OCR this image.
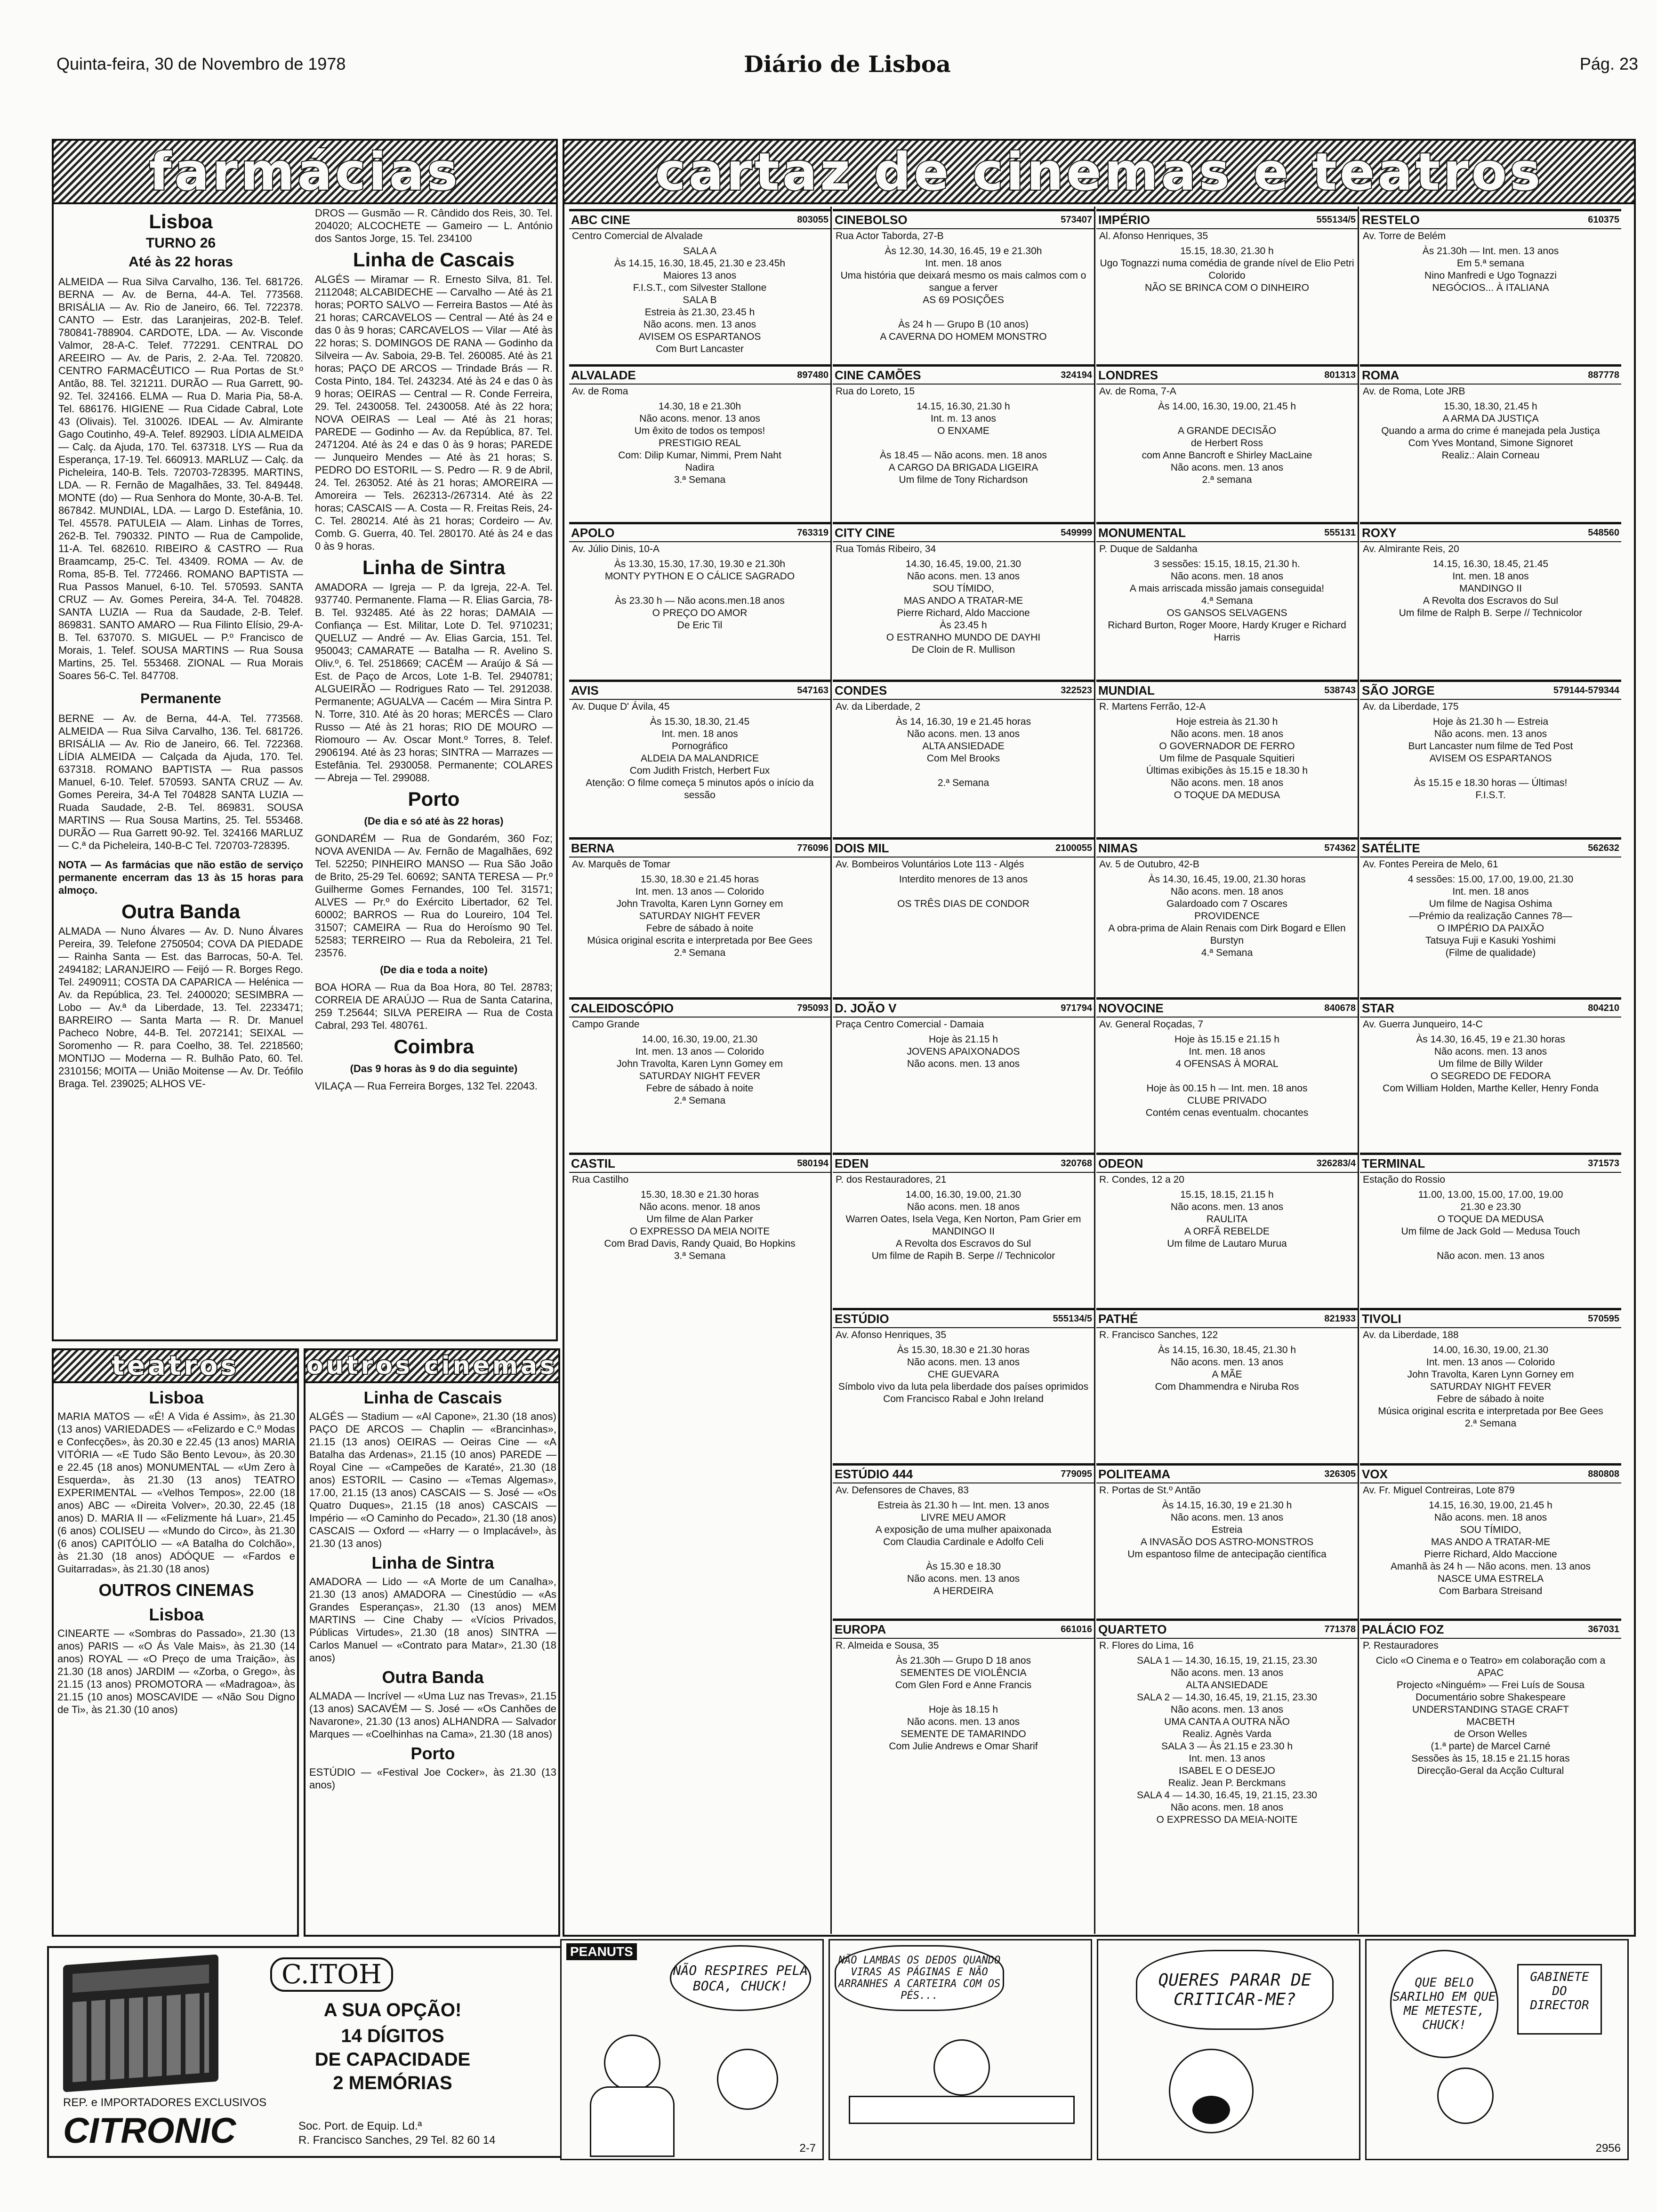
Quinta-feira, 30 de Novembro de 1978	Diário de Lisboa	Pág. 23
farmácias
Lisboa
TURNO 26
Até às 22 horas

ALMEIDA — Rua Silva Carvalho, 136. Tel. 681726. BERNA — Av. de Berna, 44-A. Tel. 773568. BRISÁLIA — Av. Rio de Janeiro, 66. Tel. 722378. CANTO — Estr. das Laranjeiras, 202-B. Telef. 780841-788904. CARDOTE, LDA. — Av. Visconde Valmor, 28-A-C. Telef. 772291. CENTRAL DO AREEIRO — Av. de Paris, 2. 2-Aa. Tel. 720820. CENTRO FARMACÊUTICO — Rua Portas de St.º Antão, 88. Tel. 321211. DURÃO — Rua Garrett, 90-92. Tel. 324166. ELMA — Rua D. Maria Pia, 58-A. Tel. 686176. HIGIENE — Rua Cidade Cabral, Lote 43 (Olivais). Tel. 310026. IDEAL — Av. Almirante Gago Coutinho, 49-A. Telef. 892903. LÍDIA ALMEIDA — Calç. da Ajuda, 170. Tel. 637318. LYS — Rua da Esperança, 17-19. Tel. 660913. MARLUZ — Calç. da Picheleira, 140-B. Tels. 720703-728395. MARTINS, LDA. — R. Fernão de Magalhães, 33. Tel. 849448. MONTE (do) — Rua Senhora do Monte, 30-A-B. Tel. 867842. MUNDIAL, LDA. — Largo D. Estefânia, 10. Tel. 45578. PATULEIA — Alam. Linhas de Torres, 262-B. Tel. 790332. PINTO — Rua de Campolide, 11-A. Tel. 682610. RIBEIRO & CASTRO — Rua Braamcamp, 25-C. Tel. 43409. ROMA — Av. de Roma, 85-B. Tel. 772466. ROMANO BAPTISTA — Rua Passos Manuel, 6-10. Tel. 570593. SANTA CRUZ — Av. Gomes Pereira, 34-A. Tel. 704828. SANTA LUZIA — Rua da Saudade, 2-B. Telef. 869831. SANTO AMARO — Rua Filinto Elísio, 29-A-B. Tel. 637070. S. MIGUEL — P.º Francisco de Morais, 1. Telef. SOUSA MARTINS — Rua Sousa Martins, 25. Tel. 553468. ZIONAL — Rua Morais Soares 56-C. Tel. 847708.

Permanente

BERNE — Av. de Berna, 44-A. Tel. 773568. ALMEIDA — Rua Silva Carvalho, 136. Tel. 681726. BRISÁLIA — Av. Rio de Janeiro, 66. Tel. 722368. LÍDIA ALMEIDA — Calçada da Ajuda, 170. Tel. 637318. ROMANO BAPTISTA — Rua passos Manuel, 6-10. Telef. 570593. SANTA CRUZ — Av. Gomes Pereira, 34-A Tel 704828 SANTA LUZIA — Ruada Saudade, 2-B. Tel. 869831. SOUSA MARTINS — Rua Sousa Martins, 25. Tel. 553468. DURÃO — Rua Garrett 90-92. Tel. 324166 MARLUZ — C.ª da Picheleira, 140-B-C Tel. 720703-728395.

NOTA — As farmácias que não estão de serviço permanente encerram das 13 às 15 horas para almoço.

Outra Banda

ALMADA — Nuno Álvares — Av. D. Nuno Álvares Pereira, 39. Telefone 2750504; COVA DA PIEDADE — Rainha Santa — Est. das Barrocas, 50-A. Tel. 2494182; LARANJEIRO — Feijó — R. Borges Rego. Tel. 2490911; COSTA DA CAPARICA — Helénica — Av. da República, 23. Tel. 2400020; SESIMBRA — Lobo — Av.ª da Liberdade, 13. Tel. 2233471; BARREIRO — Santa Marta — R. Dr. Manuel Pacheco Nobre, 44-B. Tel. 2072141; SEIXAL — Soromenho — R. para Coelho, 38. Tel. 2218560; MONTIJO — Moderna — R. Bulhão Pato, 60. Tel. 2310156; MOITA — União Moitense — Av. Dr. Teófilo Braga. Tel. 239025; ALHOS VE-

DROS — Gusmão — R. Cândido dos Reis, 30. Tel. 204020; ALCOCHETE — Gameiro — L. António dos Santos Jorge, 15. Tel. 234100

Linha de Cascais

ALGÉS — Miramar — R. Ernesto Silva, 81. Tel. 2112048; ALCABIDECHE — Carvalho — Até às 21 horas; PORTO SALVO — Ferreira Bastos — Até às 21 horas; CARCAVELOS — Central — Até às 24 e das 0 às 9 horas; CARCAVELOS — Vilar — Até às 22 horas; S. DOMINGOS DE RANA — Godinho da Silveira — Av. Saboia, 29-B. Tel. 260085. Até às 21 horas; PAÇO DE ARCOS — Trindade Brás — R. Costa Pinto, 184. Tel. 243234. Até às 24 e das 0 às 9 horas; OEIRAS — Central — R. Conde Ferreira, 29. Tel. 2430058. Tel. 2430058. Até às 22 hora; NOVA OEIRAS — Leal — Até às 21 horas; PAREDE — Godinho — Av. da República, 87. Tel. 2471204. Até às 24 e das 0 às 9 horas; PAREDE — Junqueiro Mendes — Até às 21 horas; S. PEDRO DO ESTORIL — S. Pedro — R. 9 de Abril, 24. Tel. 263052. Até às 21 horas; AMOREIRA — Amoreira — Tels. 262313-/267314. Até às 22 horas; CASCAIS — A. Costa — R. Freitas Reis, 24-C. Tel. 280214. Até às 21 horas; Cordeiro — Av. Comb. G. Guerra, 40. Tel. 280170. Até às 24 e das 0 às 9 horas.

Linha de Sintra

AMADORA — Igreja — P. da Igreja, 22-A. Tel. 937740. Permanente. Flama — R. Elias Garcia, 78-B. Tel. 932485. Até às 22 horas; DAMAIA — Confiança — Est. Militar, Lote D. Tel. 9710231; QUELUZ — André — Av. Elias Garcia, 151. Tel. 950043; CAMARATE — Batalha — R. Avelino S. Oliv.º, 6. Tel. 2518669; CACÉM — Araújo & Sá — Est. de Paço de Arcos, Lote 1-B. Tel. 2940781; ALGUEIRÃO — Rodrigues Rato — Tel. 2912038. Permanente; AGUALVA — Cacém — Mira Sintra P. N. Torre, 310. Até às 20 horas; MERCÊS — Claro Russo — Até às 21 horas; RIO DE MOURO — Riomouro — Av. Oscar Mont.º Torres, 8. Telef. 2906194. Até às 23 horas; SINTRA — Marrazes — Estefânia. Tel. 2930058. Permanente; COLARES — Abreja — Tel. 299088.

Porto
(De dia e só até às 22 horas)

GONDARÉM — Rua de Gondarém, 360 Foz; NOVA AVENIDA — Av. Fernão de Magalhães, 692 Tel. 52250; PINHEIRO MANSO — Rua São João de Brito, 25-29 Tel. 60692; SANTA TERESA — Pr.º Guilherme Gomes Fernandes, 100 Tel. 31571; ALVES — Pr.º do Exército Libertador, 62 Tel. 60002; BARROS — Rua do Loureiro, 104 Tel. 31507; CAMEIRA — Rua do Heroísmo 90 Tel. 52583; TERREIRO — Rua da Reboleira, 21 Tel. 23576.

(De dia e toda a noite)

BOA HORA — Rua da Boa Hora, 80 Tel. 28783; CORREIA DE ARAÚJO — Rua de Santa Catarina, 259 T.25644; SILVA PEREIRA — Rua de Costa Cabral, 293 Tel. 480761.

Coimbra
(Das 9 horas às 9 do dia seguinte)

VILAÇA — Rua Ferreira Borges, 132 Tel. 22043.

cartaz de cinemas e teatros
ABC CINE	803055
Centro Comercial de Alvalade
SALA A
Às 14.15, 16.30, 18.45, 21.30 e 23.45h
Maiores 13 anos
F.I.S.T., com Silvester Stallone
SALA B
Estreia às 21.30, 23.45 h
Não acons. men. 13 anos
AVISEM OS ESPARTANOS
Com Burt Lancaster
ALVALADE	897480
Av. de Roma
14.30, 18 e 21.30h
Não acons. menor. 13 anos
Um êxito de todos os tempos!
PRESTIGIO REAL
Com: Dilip Kumar, Nimmi, Prem Naht
Nadira
3.ª Semana
APOLO	763319
Av. Júlio Dinis, 10-A
Às 13.30, 15.30, 17.30, 19.30 e 21.30h
MONTY PYTHON E O CÁLICE SAGRADO

Às 23.30 h — Não acons.men.18 anos
O PREÇO DO AMOR
De Eric Til
AVIS	547163
Av. Duque D' Ávila, 45
Às 15.30, 18.30, 21.45
Int. men. 18 anos
Pornográfico
ALDEIA DA MALANDRICE
Com Judith Fristch, Herbert Fux
Atenção: O filme começa 5 minutos após o início da sessão
BERNA	776096
Av. Marquês de Tomar
15.30, 18.30 e 21.45 horas
Int. men. 13 anos — Colorido
John Travolta, Karen Lynn Gorney em
SATURDAY NIGHT FEVER
Febre de sábado à noite
Música original escrita e interpretada por Bee Gees
2.ª Semana
CALEIDOSCÓPIO	795093
Campo Grande
14.00, 16.30, 19.00, 21.30
Int. men. 13 anos — Colorido
John Travolta, Karen Lynn Gomey em
SATURDAY NIGHT FEVER
Febre de sábado à noite
2.ª Semana
CASTIL	580194
Rua Castilho
15.30, 18.30 e 21.30 horas
Não acons. menor. 18 anos
Um filme de Alan Parker
O EXPRESSO DA MEIA NOITE
Com Brad Davis, Randy Quaid, Bo Hopkins
3.ª Semana
CINEBOLSO	573407
Rua Actor Taborda, 27-B
Às 12.30, 14.30, 16.45, 19 e 21.30h
Int. men. 18 anos
Uma história que deixará mesmo os mais calmos com o sangue a ferver
AS 69 POSIÇÕES

Às 24 h — Grupo B (10 anos)
A CAVERNA DO HOMEM MONSTRO
CINE CAMÕES	324194
Rua do Loreto, 15
14.15, 16.30, 21.30 h
Int. m. 13 anos
O ENXAME

Às 18.45 — Não acons. men. 18 anos
A CARGO DA BRIGADA LIGEIRA
Um filme de Tony Richardson
CITY CINE	549999
Rua Tomás Ribeiro, 34
14.30, 16.45, 19.00, 21.30
Não acons. men. 13 anos
SOU TÍMIDO,
MAS ANDO A TRATAR-ME
Pierre Richard, Aldo Maccione
Às 23.45 h
O ESTRANHO MUNDO DE DAYHI
De Cloin de R. Mullison
CONDES	322523
Av. da Liberdade, 2
Às 14, 16.30, 19 e 21.45 horas
Não acons. men. 13 anos
ALTA ANSIEDADE
Com Mel Brooks

2.ª Semana
DOIS MIL	2100055
Av. Bombeiros Voluntários Lote 113 - Algés
Interdito menores de 13 anos

OS TRÊS DIAS DE CONDOR
D. JOÃO V	971794
Praça Centro Comercial - Damaia
Hoje às 21.15 h
JOVENS APAIXONADOS
Não acons. men. 13 anos
EDEN	320768
P. dos Restauradores, 21
14.00, 16.30, 19.00, 21.30
Não acons. men. 18 anos
Warren Oates, Isela Vega, Ken Norton, Pam Grier em
MANDINGO II
A Revolta dos Escravos do Sul
Um filme de Rapih B. Serpe // Technicolor
ESTÚDIO	555134/5
Av. Afonso Henriques, 35
Às 15.30, 18.30 e 21.30 horas
Não acons. men. 13 anos
CHE GUEVARA
Símbolo vivo da luta pela liberdade dos países oprimidos
Com Francisco Rabal e John Ireland
ESTÚDIO 444	779095
Av. Defensores de Chaves, 83
Estreia às 21.30 h — Int. men. 13 anos
LIVRE MEU AMOR
A exposição de uma mulher apaixonada
Com Claudia Cardinale e Adolfo Celi

Às 15.30 e 18.30
Não acons. men. 13 anos
A HERDEIRA
EUROPA	661016
R. Almeida e Sousa, 35
Às 21.30h — Grupo D 18 anos
SEMENTES DE VIOLÊNCIA
Com Glen Ford e Anne Francis

Hoje às 18.15 h
Não acons. men. 13 anos
SEMENTE DE TAMARINDO
Com Julie Andrews e Omar Sharif
IMPÉRIO	555134/5
Al. Afonso Henriques, 35
15.15, 18.30, 21.30 h
Ugo Tognazzi numa comédia de grande nível de Elio Petri
Colorido
NÃO SE BRINCA COM O DINHEIRO
LONDRES	801313
Av. de Roma, 7-A
Às 14.00, 16.30, 19.00, 21.45 h

A GRANDE DECISÃO
de Herbert Ross
com Anne Bancroft e Shirley MacLaine
Não acons. men. 13 anos
2.ª semana
MONUMENTAL	555131
P. Duque de Saldanha
3 sessões: 15.15, 18.15, 21.30 h.
Não acons. men. 18 anos
A mais arriscada missão jamais conseguida!
4.ª Semana
OS GANSOS SELVAGENS
Richard Burton, Roger Moore, Hardy Kruger e Richard Harris
MUNDIAL	538743
R. Martens Ferrão, 12-A
Hoje estreia às 21.30 h
Não acons. men. 18 anos
O GOVERNADOR DE FERRO
Um filme de Pasquale Squitieri
Últimas exibições às 15.15 e 18.30 h
Não acons. men. 18 anos
O TOQUE DA MEDUSA
NIMAS	574362
Av. 5 de Outubro, 42-B
Às 14.30, 16.45, 19.00, 21.30 horas
Não acons. men. 18 anos
Galardoado com 7 Oscares
PROVIDENCE
A obra-prima de Alain Renais com Dirk Bogard e Ellen Burstyn
4.ª Semana
NOVOCINE	840678
Av. General Roçadas, 7
Hoje às 15.15 e 21.15 h
Int. men. 18 anos
4 OFENSAS À MORAL

Hoje às 00.15 h — Int. men. 18 anos
CLUBE PRIVADO
Contém cenas eventualm. chocantes
ODEON	326283/4
R. Condes, 12 a 20
15.15, 18.15, 21.15 h
Não acons. men. 13 anos
RAULITA
A ORFÃ REBELDE
Um filme de Lautaro Murua
PATHÉ	821933
R. Francisco Sanches, 122
Às 14.15, 16.30, 18.45, 21.30 h
Não acons. men. 13 anos
A MÃE
Com Dhammendra e Niruba Ros
POLITEAMA	326305
R. Portas de St.º Antão
Às 14.15, 16.30, 19 e 21.30 h
Não acons. men. 13 anos
Estreia
A INVASÃO DOS ASTRO-MONSTROS
Um espantoso filme de antecipação científica
QUARTETO	771378
R. Flores do Lima, 16
SALA 1 — 14.30, 16.15, 19, 21.15, 23.30
Não acons. men. 13 anos
ALTA ANSIEDADE
SALA 2 — 14.30, 16.45, 19, 21.15, 23.30
Não acons. men. 13 anos
UMA CANTA A OUTRA NÃO
Realiz. Agnès Varda
SALA 3 — Às 21.15 e 23.30 h
Int. men. 13 anos
ISABEL E O DESEJO
Realiz. Jean P. Berckmans
SALA 4 — 14.30, 16.45, 19, 21.15, 23.30
Não acons. men. 18 anos
O EXPRESSO DA MEIA-NOITE
RESTELO	610375
Av. Torre de Belém
Às 21.30h — Int. men. 13 anos
Em 5.ª semana
Nino Manfredi e Ugo Tognazzi
NEGÓCIOS... À ITALIANA
ROMA	887778
Av. de Roma, Lote JRB
15.30, 18.30, 21.45 h
A ARMA DA JUSTIÇA
Quando a arma do crime é manejada pela Justiça
Com Yves Montand, Simone Signoret
Realiz.: Alain Corneau
ROXY	548560
Av. Almirante Reis, 20
14.15, 16.30, 18.45, 21.45
Int. men. 18 anos
MANDINGO II
A Revolta dos Escravos do Sul
Um filme de Ralph B. Serpe // Technicolor
SÃO JORGE	579144-579344
Av. da Liberdade, 175
Hoje às 21.30 h — Estreia
Não acons. men. 13 anos
Burt Lancaster num filme de Ted Post
AVISEM OS ESPARTANOS

Às 15.15 e 18.30 horas — Últimas!
F.I.S.T.
SATÉLITE	562632
Av. Fontes Pereira de Melo, 61
4 sessões: 15.00, 17.00, 19.00, 21.30
Int. men. 18 anos
Um filme de Nagisa Oshima
—Prémio da realização Cannes 78—
O IMPÉRIO DA PAIXÃO
Tatsuya Fuji e Kasuki Yoshimi
(Filme de qualidade)
STAR	804210
Av. Guerra Junqueiro, 14-C
Às 14.30, 16.45, 19 e 21.30 horas
Não acons. men. 13 anos
Um filme de Billy Wilder
O SEGREDO DE FEDORA
Com William Holden, Marthe Keller, Henry Fonda
TERMINAL	371573
Estação do Rossio
11.00, 13.00, 15.00, 17.00, 19.00
21.30 e 23.30
O TOQUE DA MEDUSA
Um filme de Jack Gold — Medusa Touch

Não acon. men. 13 anos
TIVOLI	570595
Av. da Liberdade, 188
14.00, 16.30, 19.00, 21.30
Int. men. 13 anos — Colorido
John Travolta, Karen Lynn Gorney em
SATURDAY NIGHT FEVER
Febre de sábado à noite
Música original escrita e interpretada por Bee Gees
2.ª Semana
VOX	880808
Av. Fr. Miguel Contreiras, Lote 879
14.15, 16.30, 19.00, 21.45 h
Não acons. men. 18 anos
SOU TÍMIDO,
MAS ANDO A TRATAR-ME
Pierre Richard, Aldo Maccione
Amanhã às 24 h — Não acons. men. 13 anos
NASCE UMA ESTRELA
Com Barbara Streisand
PALÁCIO FOZ	367031
P. Restauradores
Ciclo «O Cinema e o Teatro» em colaboração com a APAC
Projecto «Ninguém» — Frei Luís de Sousa
Documentário sobre Shakespeare
UNDERSTANDING STAGE CRAFT
MACBETH
de Orson Welles
(1.ª parte) de Marcel Carné
Sessões às 15, 18.15 e 21.15 horas
Direcção-Geral da Acção Cultural
teatros
Lisboa

MARIA MATOS — «É! A Vida é Assim», às 21.30 (13 anos) VARIEDADES — «Felizardo e C.º Modas e Confecções», às 20.30 e 22.45 (13 anos) MARIA VITÓRIA — «E Tudo São Bento Levou», às 20.30 e 22.45 (18 anos) MONUMENTAL — «Um Zero à Esquerda», às 21.30 (13 anos) TEATRO EXPERIMENTAL — «Velhos Tempos», 22.00 (18 anos) ABC — «Direita Volver», 20.30, 22.45 (18 anos) D. MARIA II — «Felizmente há Luar», 21.45 (6 anos) COLISEU — «Mundo do Circo», às 21.30 (6 anos) CAPITÓLIO — «A Batalha do Colchão», às 21.30 (18 anos) ADÓQUE — «Fardos e Guitarradas», às 21.30 (18 anos)

OUTROS CINEMAS
Lisboa

CINEARTE — «Sombras do Passado», 21.30 (13 anos) PARIS — «O Ás Vale Mais», às 21.30 (14 anos) ROYAL — «O Preço de uma Traição», às 21.30 (18 anos) JARDIM — «Zorba, o Grego», às 21.15 (13 anos) PROMOTORA — «Madragoa», às 21.15 (10 anos) MOSCAVIDE — «Não Sou Digno de Ti», às 21.30 (10 anos)

outros cinemas
Linha de Cascais

ALGÉS — Stadium — «Al Capone», 21.30 (18 anos) PAÇO DE ARCOS — Chaplin — «Brancinhas», 21.15 (13 anos) OEIRAS — Oeiras Cine — «A Batalha das Ardenas», 21.15 (10 anos) PAREDE — Royal Cine — «Campeões de Karaté», 21.30 (18 anos) ESTORIL — Casino — «Temas Algemas», 17.00, 21.15 (13 anos) CASCAIS — S. José — «Os Quatro Duques», 21.15 (18 anos) CASCAIS — Império — «O Caminho do Pecado», 21.30 (18 anos) CASCAIS — Oxford — «Harry — o Implacável», às 21.30 (13 anos)

Linha de Sintra

AMADORA — Lido — «A Morte de um Canalha», 21.30 (13 anos) AMADORA — Cinestúdio — «As Grandes Esperanças», 21.30 (13 anos) MEM MARTINS — Cine Chaby — «Vícios Privados, Públicas Virtudes», 21.30 (18 anos) SINTRA — Carlos Manuel — «Contrato para Matar», 21.30 (18 anos)

Outra Banda

ALMADA — Incrível — «Uma Luz nas Trevas», 21.15 (13 anos) SACAVÉM — S. José — «Os Canhões de Navarone», 21.30 (13 anos) ALHANDRA — Salvador Marques — «Coelhinhas na Cama», 21.30 (18 anos)

Porto

ESTÚDIO — «Festival Joe Cocker», às 21.30 (13 anos)

C.ITOH
A SUA OPÇÃO!
14 DÍGITOS
DE CAPACIDADE
2 MEMÓRIAS
REP. e IMPORTADORES EXCLUSIVOS
CITRONIC	Soc. Port. de Equip. Ld.ª
R. Francisco Sanches, 29 Tel. 82 60 14
PEANUTS
NÃO RESPIRES PELA BOCA, CHUCK!
2-7
NÃO LAMBAS OS DEDOS QUANDO VIRAS AS PÁGINAS E NÃO ARRANHES A CARTEIRA COM OS PÉS...
QUERES PARAR DE CRITICAR-ME?
QUE BELO SARILHO EM QUE ME METESTE, CHUCK!
GABINETE DO DIRECTOR
2956
